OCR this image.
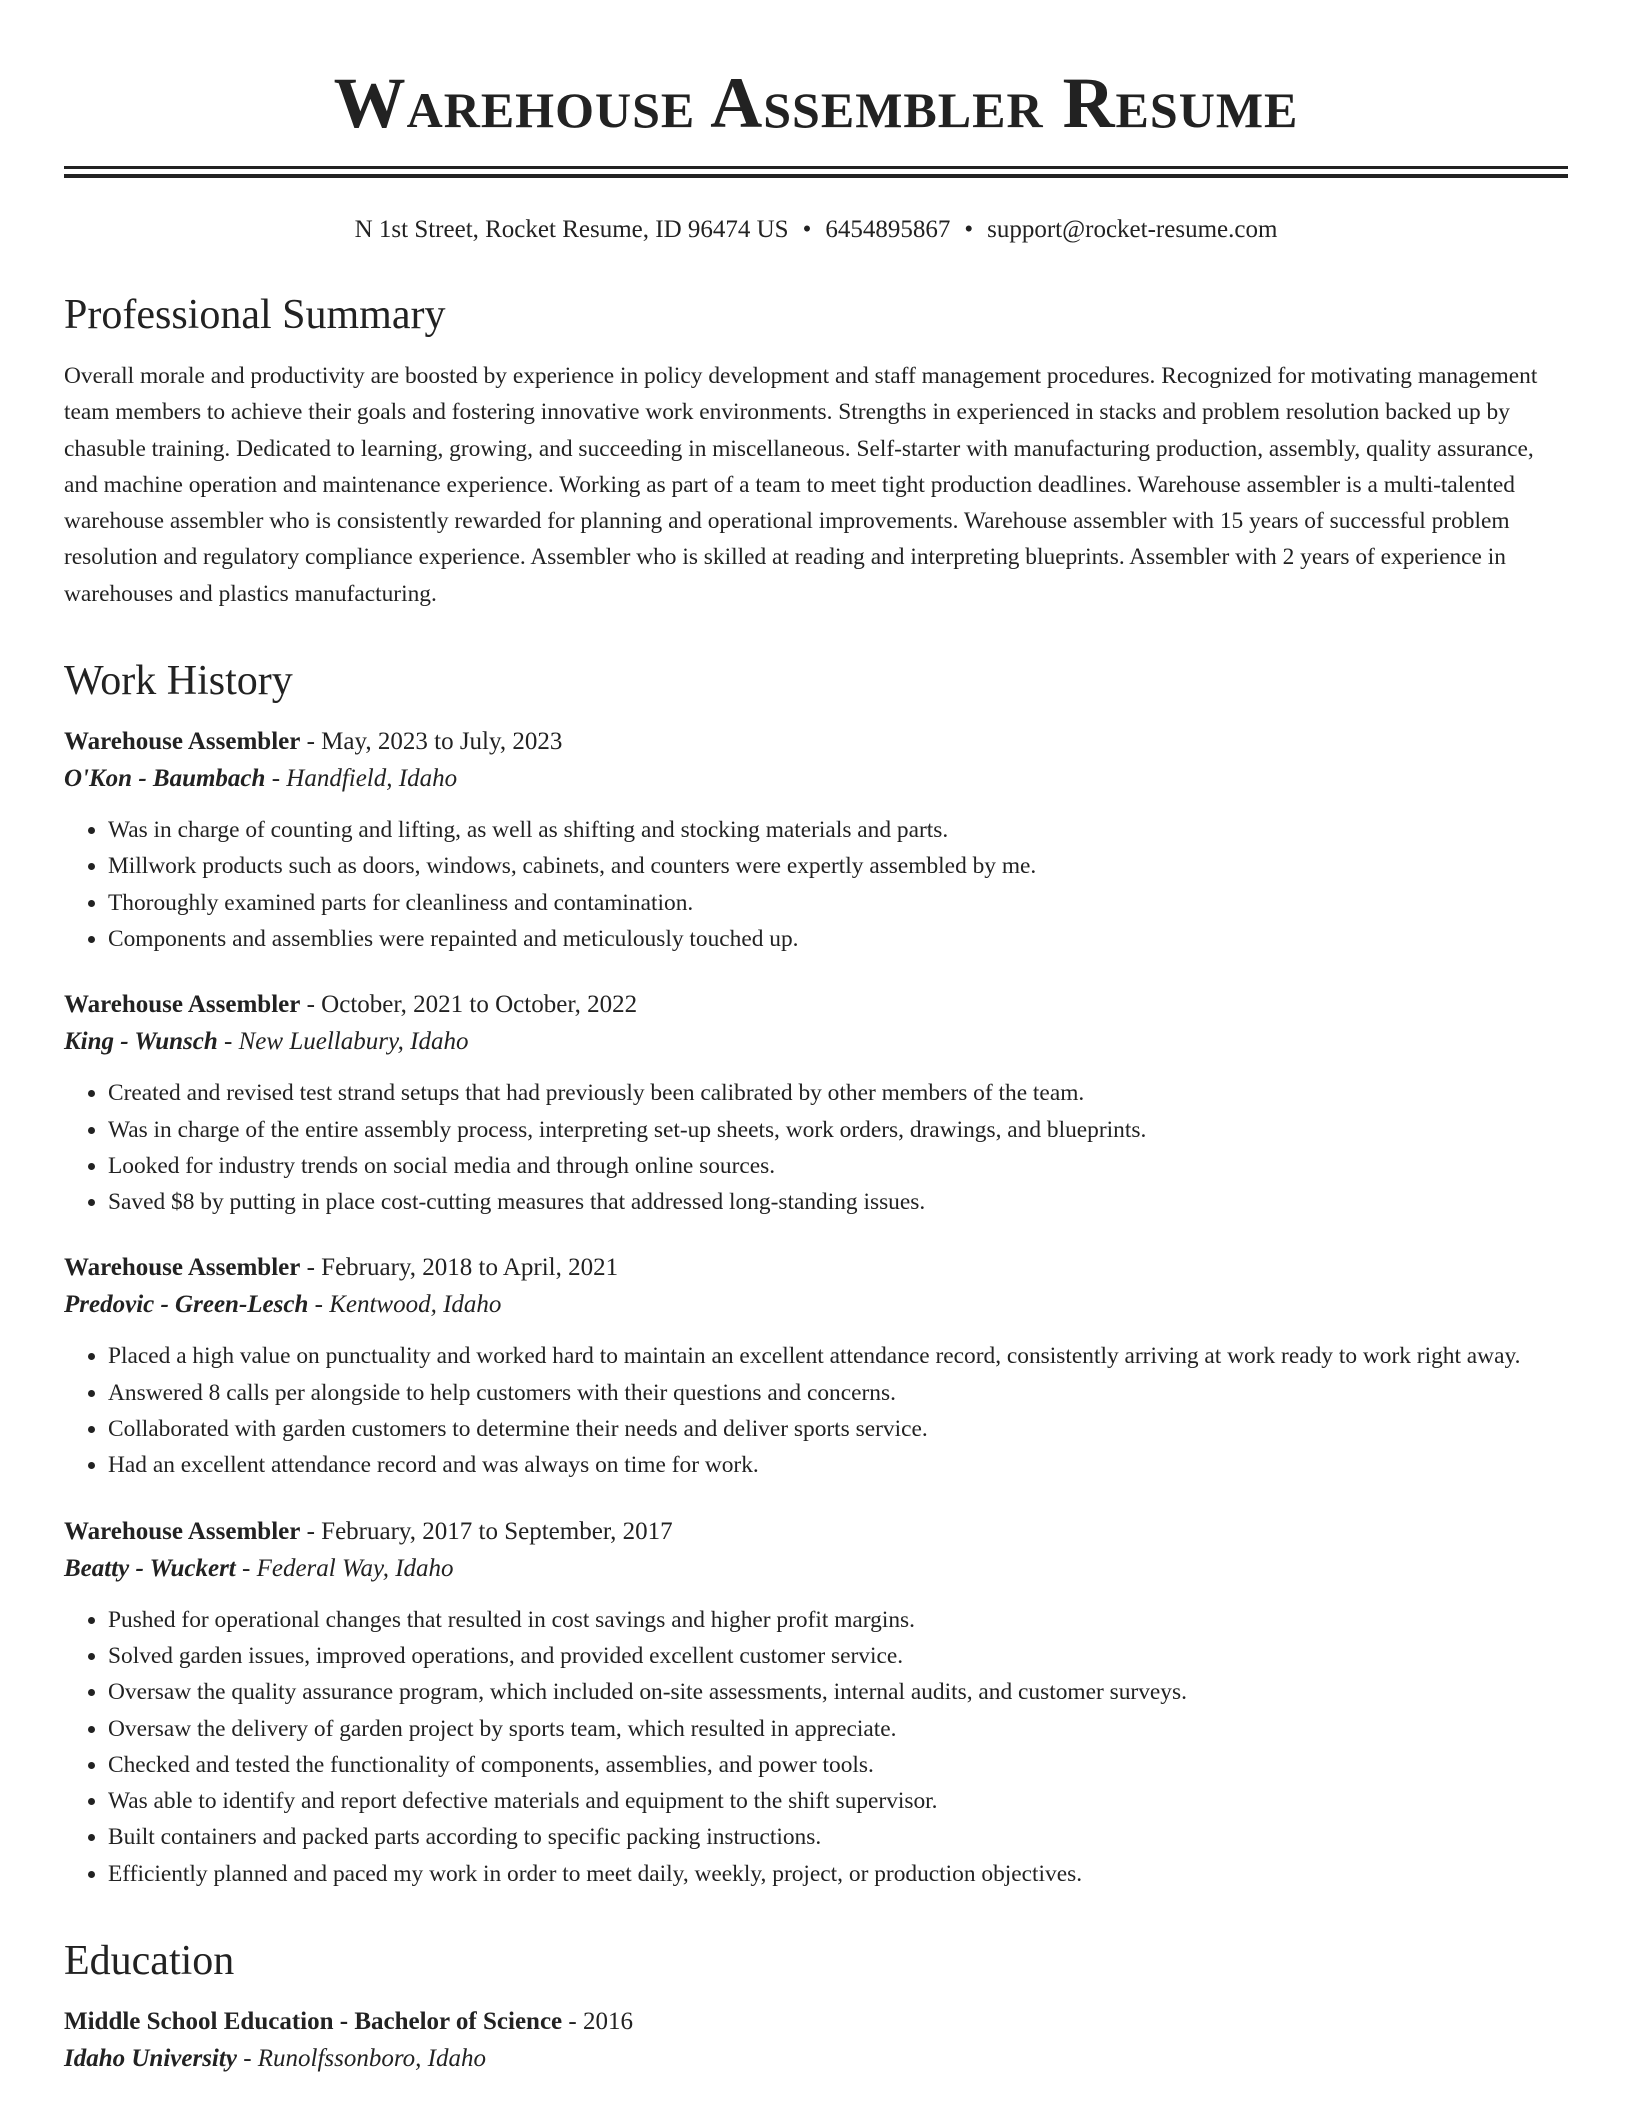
Warehouse Assembler Resume
N 1st Street, Rocket Resume, ID 96474 US • 6454895867 • support@rocket-resume.com
Professional Summary
Overall morale and productivity are boosted by experience in policy development and staff management procedures. Recognized for motivating management team members to achieve their goals and fostering innovative work environments. Strengths in experienced in stacks and problem resolution backed up by chasuble training. Dedicated to learning, growing, and succeeding in miscellaneous. Self-starter with manufacturing production, assembly, quality assurance, and machine operation and maintenance experience. Working as part of a team to meet tight production deadlines. Warehouse assembler is a multi-talented warehouse assembler who is consistently rewarded for planning and operational improvements. Warehouse assembler with 15 years of successful problem resolution and regulatory compliance experience. Assembler who is skilled at reading and interpreting blueprints. Assembler with 2 years of experience in warehouses and plastics manufacturing.
Work History
Warehouse Assembler - May, 2023 to July, 2023
O'Kon - Baumbach - Handfield, Idaho
• Was in charge of counting and lifting, as well as shifting and stocking materials and parts.
• Millwork products such as doors, windows, cabinets, and counters were expertly assembled by me.
• Thoroughly examined parts for cleanliness and contamination.
• Components and assemblies were repainted and meticulously touched up.
Warehouse Assembler - October, 2021 to October, 2022
King - Wunsch - New Luellabury, Idaho
• Created and revised test strand setups that had previously been calibrated by other members of the team.
• Was in charge of the entire assembly process, interpreting set-up sheets, work orders, drawings, and blueprints.
• Looked for industry trends on social media and through online sources.
• Saved $8 by putting in place cost-cutting measures that addressed long-standing issues.
Warehouse Assembler - February, 2018 to April, 2021
Predovic - Green-Lesch - Kentwood, Idaho
• Placed a high value on punctuality and worked hard to maintain an excellent attendance record, consistently arriving at work ready to work right away.
• Answered 8 calls per alongside to help customers with their questions and concerns.
• Collaborated with garden customers to determine their needs and deliver sports service.
• Had an excellent attendance record and was always on time for work.
Warehouse Assembler - February, 2017 to September, 2017
Beatty - Wuckert - Federal Way, Idaho
• Pushed for operational changes that resulted in cost savings and higher profit margins.
• Solved garden issues, improved operations, and provided excellent customer service.
• Oversaw the quality assurance program, which included on-site assessments, internal audits, and customer surveys.
• Oversaw the delivery of garden project by sports team, which resulted in appreciate.
• Checked and tested the functionality of components, assemblies, and power tools.
• Was able to identify and report defective materials and equipment to the shift supervisor.
• Built containers and packed parts according to specific packing instructions.
• Efficiently planned and paced my work in order to meet daily, weekly, project, or production objectives.
Education
Middle School Education - Bachelor of Science - 2016
Idaho University - Runolfssonboro, Idaho
